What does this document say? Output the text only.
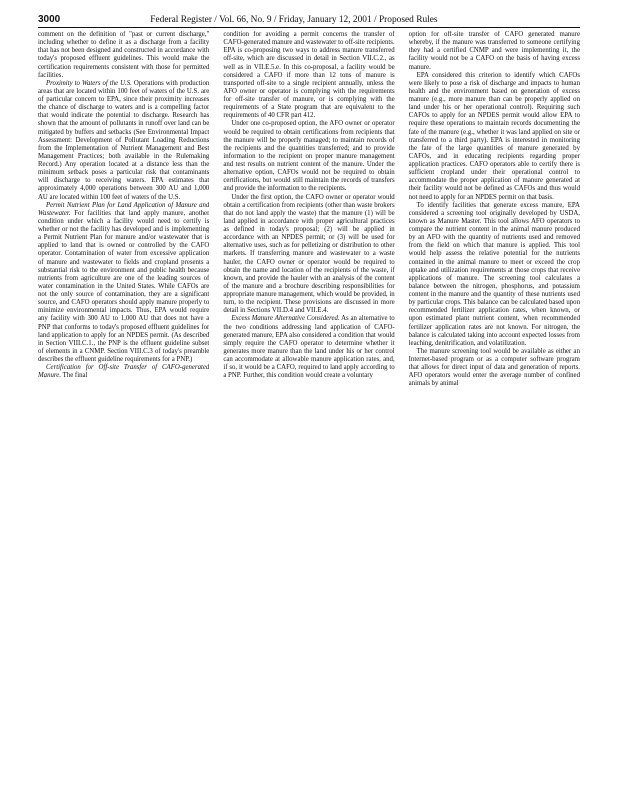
3000	Federal Register / Vol. 66, No. 9 / Friday, January 12, 2001 / Proposed Rules

comment on the definition of "past or current discharge," including whether to define it as a discharge from a facility that has not been designed and constructed in accordance with today's proposed effluent guidelines. This would make the certification requirements consistent with those for permitted facilities.

Proximity to Waters of the U.S. Operations with production areas that are located within 100 feet of waters of the U.S. are of particular concern to EPA, since their proximity increases the chance of discharge to waters and is a compelling factor that would indicate the potential to discharge. Research has shown that the amount of pollutants in runoff over land can be mitigated by buffers and setbacks (See Environmental Impact Assessment: Development of Pollutant Loading Reductions from the Implementation of Nutrient Management and Best Management Practices; both available in the Rulemaking Record.) Any operation located at a distance less than the minimum setback poses a particular risk that contaminants will discharge to receiving waters. EPA estimates that approximately 4,000 operations between 300 AU and 1,000 AU are located within 100 feet of waters of the U.S.

Permit Nutrient Plan for Land Application of Manure and Wastewater. For facilities that land apply manure, another condition under which a facility would need to certify is whether or not the facility has developed and is implementing a Permit Nutrient Plan for manure and/or wastewater that is applied to land that is owned or controlled by the CAFO operator. Contamination of water from excessive application of manure and wastewater to fields and cropland presents a substantial risk to the environment and public health because nutrients from agriculture are one of the leading sources of water contamination in the United States. While CAFOs are not the only source of contamination, they are a significant source, and CAFO operators should apply manure properly to minimize environmental impacts. Thus, EPA would require any facility with 300 AU to 1,000 AU that does not have a PNP that conforms to today's proposed effluent guidelines for land application to apply for an NPDES permit. (As described in Section VIII.C.1., the PNP is the effluent guideline subset of elements in a CNMP. Section VIII.C.3 of today's preamble describes the effluent guideline requirements for a PNP.)

Certification for Off-site Transfer of CAFO-generated Manure. The final

condition for avoiding a permit concerns the transfer of CAFO-generated manure and wastewater to off-site recipients. EPA is co-proposing two ways to address manure transferred off-site, which are discussed in detail in Section VII.C.2., as well as in VII.E.5.e. In this co-proposal, a facility would be considered a CAFO if more than 12 tons of manure is transported off-site to a single recipient annually, unless the AFO owner or operator is complying with the requirements for off-site transfer of manure, or is complying with the requirements of a State program that are equivalent to the requirements of 40 CFR part 412.

Under one co-proposed option, the AFO owner or operator would be required to obtain certifications from recipients that the manure will be properly managed; to maintain records of the recipients and the quantities transferred; and to provide information to the recipient on proper manure management and test results on nutrient content of the manure. Under the alternative option, CAFOs would not be required to obtain certifications, but would still maintain the records of transfers and provide the information to the recipients.

Under the first option, the CAFO owner or operator would obtain a certification from recipients (other than waste brokers that do not land apply the waste) that the manure (1) will be land applied in accordance with proper agricultural practices as defined in today's proposal; (2) will be applied in accordance with an NPDES permit; or (3) will be used for alternative uses, such as for pelletizing or distribution to other markets. If transferring manure and wastewater to a waste hauler, the CAFO owner or operator would be required to obtain the name and location of the recipients of the waste, if known, and provide the hauler with an analysis of the content of the manure and a brochure describing responsibilities for appropriate manure management, which would be provided, in turn, to the recipient. These provisions are discussed in more detail in Sections VII.D.4 and VII.E.4.

Excess Manure Alternative Considered. As an alternative to the two conditions addressing land application of CAFO-generated manure, EPA also considered a condition that would simply require the CAFO operator to determine whether it generates more manure than the land under his or her control can accommodate at allowable manure application rates, and, if so, it would be a CAFO, required to land apply according to a PNP. Further, this condition would create a voluntary

option for off-site transfer of CAFO generated manure whereby, if the manure was transferred to someone certifying they had a certified CNMP and were implementing it, the facility would not be a CAFO on the basis of having excess manure.

EPA considered this criterion to identify which CAFOs were likely to pose a risk of discharge and impacts to human health and the environment based on generation of excess manure (e.g., more manure than can be properly applied on land under his or her operational control). Requiring such CAFOs to apply for an NPDES permit would allow EPA to require these operations to maintain records documenting the fate of the manure (e.g., whether it was land applied on site or transferred to a third party). EPA is interested in monitoring the fate of the large quantities of manure generated by CAFOs, and in educating recipients regarding proper application practices. CAFO operators able to certify there is sufficient cropland under their operational control to accommodate the proper application of manure generated at their facility would not be defined as CAFOs and thus would not need to apply for an NPDES permit on that basis.

To identify facilities that generate excess manure, EPA considered a screening tool originally developed by USDA, known as Manure Master. This tool allows AFO operators to compare the nutrient content in the animal manure produced by an AFO with the quantity of nutrients used and removed from the field on which that manure is applied. This tool would help assess the relative potential for the nutrients contained in the animal manure to meet or exceed the crop uptake and utilization requirements at those crops that receive applications of manure. The screening tool calculates a balance between the nitrogen, phosphorus, and potassium content in the manure and the quantity of these nutrients used by particular crops. This balance can be calculated based upon recommended fertilizer application rates, when known, or upon estimated plant nutrient content, when recommended fertilizer application rates are not known. For nitrogen, the balance is calculated taking into account expected losses from leaching, denitrification, and volatilization.

The manure screening tool would be available as either an Internet-based program or as a computer software program that allows for direct input of data and generation of reports. AFO operators would enter the average number of confined animals by animal
